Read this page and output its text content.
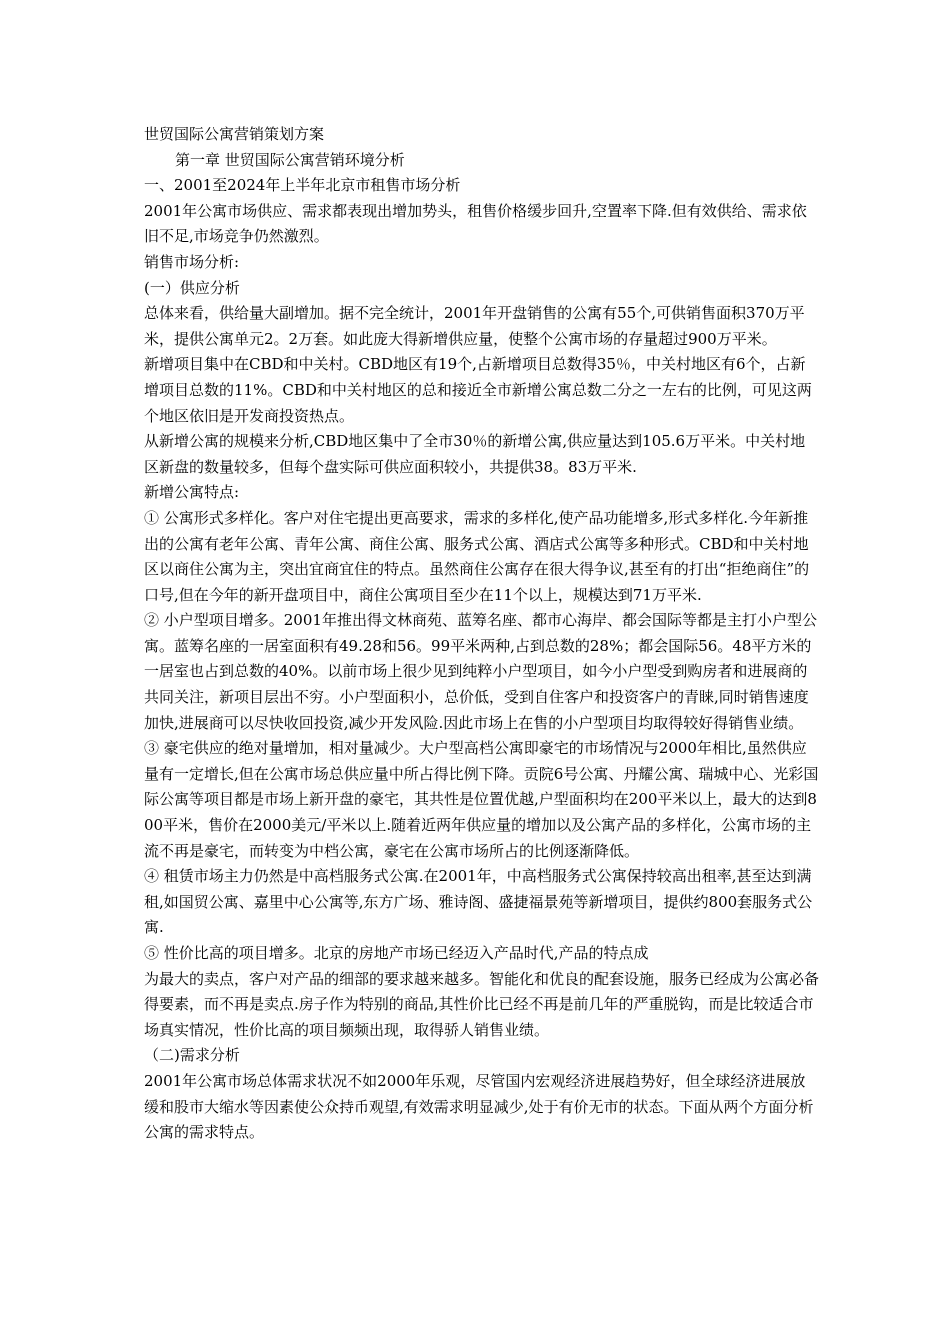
世贸国际公寓营销策划方案

第一章 世贸国际公寓营销环境分析

一、2001至2024年上半年北京市租售市场分析

2001年公寓市场供应、需求都表现出增加势头，租售价格缓步回升,空置率下降.但有效供给、需求依旧不足,市场竞争仍然激烈。

销售市场分析:

(一）供应分析

总体来看，供给量大副增加。据不完全统计，2001年开盘销售的公寓有55个,可供销售面积370万平米，提供公寓单元2。2万套。如此庞大得新增供应量，使整个公寓市场的存量超过900万平米。

新增项目集中在CBD和中关村。CBD地区有19个,占新增项目总数得35％，中关村地区有6个，占新增项目总数的11%。CBD和中关村地区的总和接近全市新增公寓总数二分之一左右的比例，可见这两个地区依旧是开发商投资热点。

从新增公寓的规模来分析,CBD地区集中了全市30％的新增公寓,供应量达到105.6万平米。中关村地区新盘的数量较多，但每个盘实际可供应面积较小，共提供38。83万平米.

新增公寓特点:

① 公寓形式多样化。客户对住宅提出更高要求，需求的多样化,使产品功能增多,形式多样化.今年新推出的公寓有老年公寓、青年公寓、商住公寓、服务式公寓、酒店式公寓等多种形式。CBD和中关村地区以商住公寓为主，突出宜商宜住的特点。虽然商住公寓存在很大得争议,甚至有的打出“拒绝商住”的口号,但在今年的新开盘项目中，商住公寓项目至少在11个以上，规模达到71万平米.

② 小户型项目增多。2001年推出得文林商苑、蓝筹名座、都市心海岸、都会国际等都是主打小户型公寓。蓝筹名座的一居室面积有49.28和56。99平米两种,占到总数的28%；都会国际56。48平方米的一居室也占到总数的40%。以前市场上很少见到纯粹小户型项目，如今小户型受到购房者和进展商的共同关注，新项目层出不穷。小户型面积小，总价低，受到自住客户和投资客户的青睐,同时销售速度加快,进展商可以尽快收回投资,减少开发风险.因此市场上在售的小户型项目均取得较好得销售业绩。

③ 豪宅供应的绝对量增加，相对量减少。大户型高档公寓即豪宅的市场情况与2000年相比,虽然供应量有一定增长,但在公寓市场总供应量中所占得比例下降。贡院6号公寓、丹耀公寓、瑞城中心、光彩国际公寓等项目都是市场上新开盘的豪宅，其共性是位置优越,户型面积均在200平米以上，最大的达到800平米，售价在2000美元/平米以上.随着近两年供应量的增加以及公寓产品的多样化，公寓市场的主流不再是豪宅，而转变为中档公寓，豪宅在公寓市场所占的比例逐渐降低。

④ 租赁市场主力仍然是中高档服务式公寓.在2001年，中高档服务式公寓保持较高出租率,甚至达到满租,如国贸公寓、嘉里中心公寓等,东方广场、雅诗阁、盛捷福景苑等新增项目，提供约800套服务式公寓.

⑤ 性价比高的项目增多。北京的房地产市场已经迈入产品时代,产品的特点成

为最大的卖点，客户对产品的细部的要求越来越多。智能化和优良的配套设施，服务已经成为公寓必备得要素，而不再是卖点.房子作为特别的商品,其性价比已经不再是前几年的严重脱钩，而是比较适合市场真实情况，性价比高的项目频频出现，取得骄人销售业绩。

（二)需求分析

2001年公寓市场总体需求状况不如2000年乐观，尽管国内宏观经济进展趋势好，但全球经济进展放缓和股市大缩水等因素使公众持币观望,有效需求明显减少,处于有价无市的状态。下面从两个方面分析公寓的需求特点。
